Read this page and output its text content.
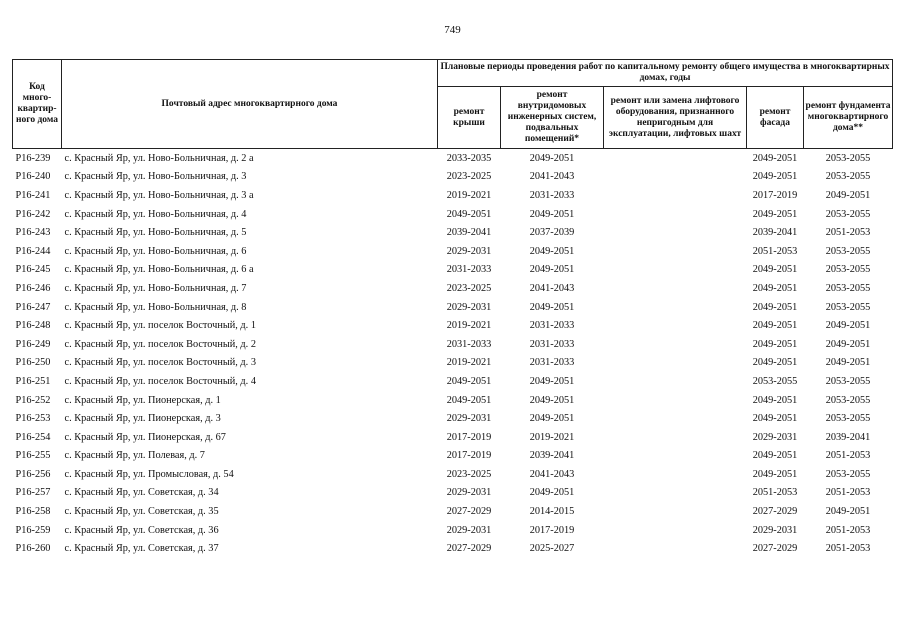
749
Код много-квартир-ного дома	Почтовый адрес многоквартирного дома	Плановые периоды проведения работ по капитальному ремонту общего имущества в многоквартирных домах, годы				
		ремонт крыши	ремонт внутридомовых инженерных систем, подвальных помещений*	ремонт или замена лифтового оборудования, признанного непригодным для эксплуатации, лифтовых шахт	ремонт фасада	ремонт фундамента многоквартирного дома**
P16-239	с. Красный Яр, ул. Ново-Больничная, д. 2 а	2033-2035	2049-2051		2049-2051	2053-2055
P16-240	с. Красный Яр, ул. Ново-Больничная, д. 3	2023-2025	2041-2043		2049-2051	2053-2055
P16-241	с. Красный Яр, ул. Ново-Больничная, д. 3 а	2019-2021	2031-2033		2017-2019	2049-2051
P16-242	с. Красный Яр, ул. Ново-Больничная, д. 4	2049-2051	2049-2051		2049-2051	2053-2055
P16-243	с. Красный Яр, ул. Ново-Больничная, д. 5	2039-2041	2037-2039		2039-2041	2051-2053
P16-244	с. Красный Яр, ул. Ново-Больничная, д. 6	2029-2031	2049-2051		2051-2053	2053-2055
P16-245	с. Красный Яр, ул. Ново-Больничная, д. 6 а	2031-2033	2049-2051		2049-2051	2053-2055
P16-246	с. Красный Яр, ул. Ново-Больничная, д. 7	2023-2025	2041-2043		2049-2051	2053-2055
P16-247	с. Красный Яр, ул. Ново-Больничная, д. 8	2029-2031	2049-2051		2049-2051	2053-2055
P16-248	с. Красный Яр, ул. поселок Восточный, д. 1	2019-2021	2031-2033		2049-2051	2049-2051
P16-249	с. Красный Яр, ул. поселок Восточный, д. 2	2031-2033	2031-2033		2049-2051	2049-2051
P16-250	с. Красный Яр, ул. поселок Восточный, д. 3	2019-2021	2031-2033		2049-2051	2049-2051
P16-251	с. Красный Яр, ул. поселок Восточный, д. 4	2049-2051	2049-2051		2053-2055	2053-2055
P16-252	с. Красный Яр, ул. Пионерская, д. 1	2049-2051	2049-2051		2049-2051	2053-2055
P16-253	с. Красный Яр, ул. Пионерская, д. 3	2029-2031	2049-2051		2049-2051	2053-2055
P16-254	с. Красный Яр, ул. Пионерская, д. 67	2017-2019	2019-2021		2029-2031	2039-2041
P16-255	с. Красный Яр, ул. Полевая, д. 7	2017-2019	2039-2041		2049-2051	2051-2053
P16-256	с. Красный Яр, ул. Промысловая, д. 54	2023-2025	2041-2043		2049-2051	2053-2055
P16-257	с. Красный Яр, ул. Советская, д. 34	2029-2031	2049-2051		2051-2053	2051-2053
P16-258	с. Красный Яр, ул. Советская, д. 35	2027-2029	2014-2015		2027-2029	2049-2051
P16-259	с. Красный Яр, ул. Советская, д. 36	2029-2031	2017-2019		2029-2031	2051-2053
P16-260	с. Красный Яр, ул. Советская, д. 37	2027-2029	2025-2027		2027-2029	2051-2053
